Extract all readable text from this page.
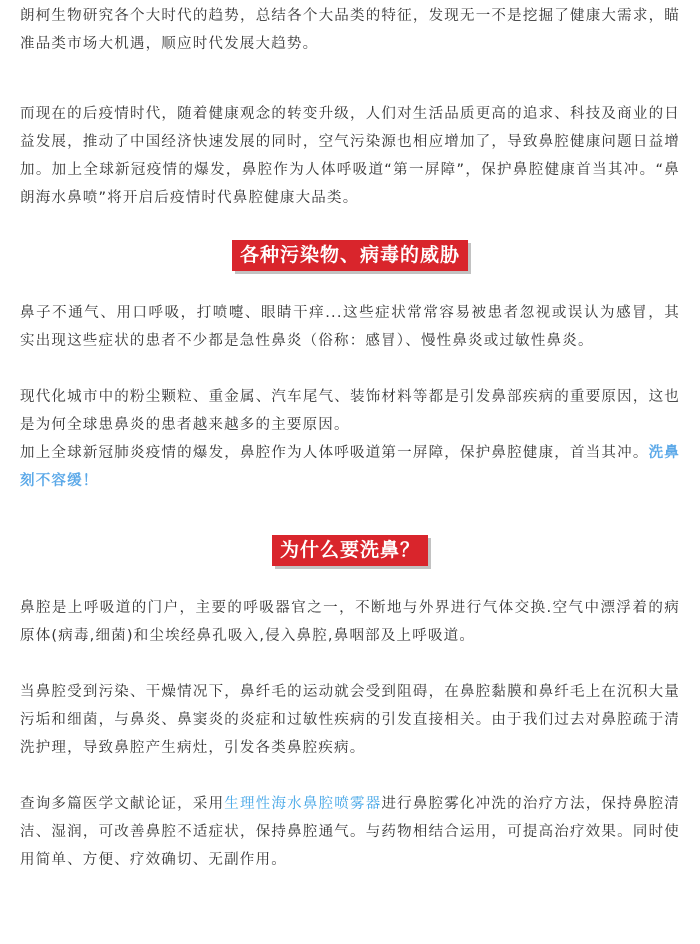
朗柯生物研究各个大时代的趋势，总结各个大品类的特征，发现无一不是挖掘了健康大需求，瞄准品类市场大机遇，顺应时代发展大趋势。

而现在的后疫情时代，随着健康观念的转变升级，人们对生活品质更高的追求、科技及商业的日益发展，推动了中国经济快速发展的同时，空气污染源也相应增加了，导致鼻腔健康问题日益增加。加上全球新冠疫情的爆发，鼻腔作为人体呼吸道“第一屏障”，保护鼻腔健康首当其冲。“鼻朗海水鼻喷”将开启后疫情时代鼻腔健康大品类。

各种污染物、病毒的威胁

鼻子不通气、用口呼吸，打喷嚏、眼睛干痒...这些症状常常容易被患者忽视或误认为感冒，其实出现这些症状的患者不少都是急性鼻炎（俗称：感冒）、慢性鼻炎或过敏性鼻炎。

现代化城市中的粉尘颗粒、重金属、汽车尾气、装饰材料等都是引发鼻部疾病的重要原因，这也是为何全球患鼻炎的患者越来越多的主要原因。

加上全球新冠肺炎疫情的爆发，鼻腔作为人体呼吸道第一屏障，保护鼻腔健康，首当其冲。洗鼻刻不容缓！

为什么要洗鼻？

鼻腔是上呼吸道的门户，主要的呼吸器官之一，不断地与外界进行气体交换.空气中漂浮着的病原体(病毒,细菌)和尘埃经鼻孔吸入,侵入鼻腔,鼻咽部及上呼吸道。

当鼻腔受到污染、干燥情况下，鼻纤毛的运动就会受到阻碍，在鼻腔黏膜和鼻纤毛上在沉积大量污垢和细菌，与鼻炎、鼻窦炎的炎症和过敏性疾病的引发直接相关。由于我们过去对鼻腔疏于清洗护理，导致鼻腔产生病灶，引发各类鼻腔疾病。

查询多篇医学文献论证，采用生理性海水鼻腔喷雾器进行鼻腔雾化冲洗的治疗方法，保持鼻腔清洁、湿润，可改善鼻腔不适症状，保持鼻腔通气。与药物相结合运用，可提高治疗效果。同时使用简单、方便、疗效确切、无副作用。
